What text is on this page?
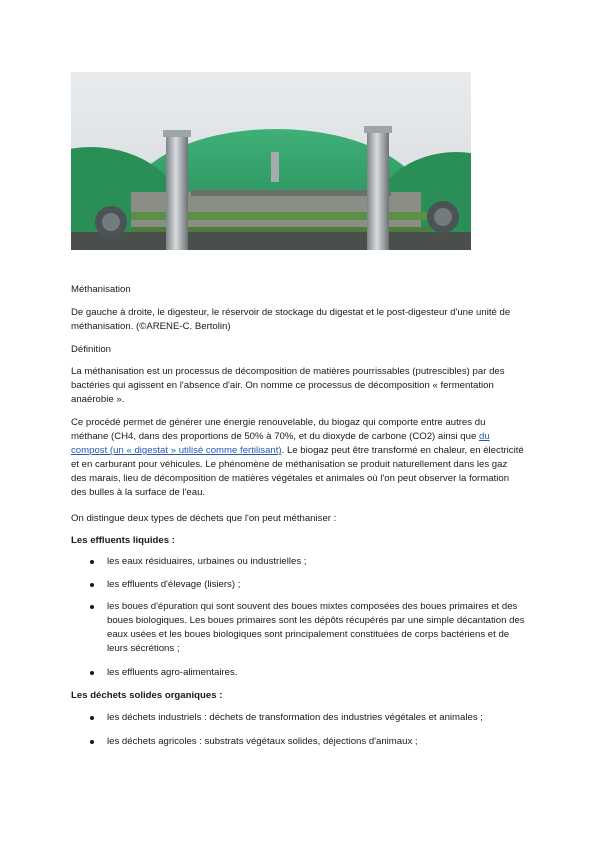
Méthanisation

De gauche à droite, le digesteur, le réservoir de stockage du digestat et le post-digesteur d'une unité de méthanisation. (©ARENE-C. Bertolin)

Définition

La méthanisation est un processus de décomposition de matières pourrissables (putrescibles) par des bactéries qui agissent en l'absence d'air. On nomme ce processus de décomposition « fermentation anaérobie ».

Ce procédé permet de générer une énergie renouvelable, du biogaz qui comporte entre autres du méthane (CH4, dans des proportions de 50% à 70%, et du dioxyde de carbone (CO2) ainsi que du compost (un « digestat » utilisé comme fertilisant). Le biogaz peut être transformé en chaleur, en électricité et en carburant pour véhicules. Le phénomène de méthanisation se produit naturellement dans les gaz des marais, lieu de décomposition de matières végétales et animales où l'on peut observer la formation des bulles à la surface de l'eau.

On distingue deux types de déchets que l'on peut méthaniser :

Les effluents liquides :

les eaux résiduaires, urbaines ou industrielles ;
les effluents d'élevage (lisiers) ;
les boues d'épuration qui sont souvent des boues mixtes composées des boues primaires et des boues biologiques. Les boues primaires sont les dépôts récupérés par une simple décantation des eaux usées et les boues biologiques sont principalement constituées de corps bactériens et de leurs sécrétions ;
les effluents agro-alimentaires.

Les déchets solides organiques :

les déchets industriels : déchets de transformation des industries végétales et animales ;
les déchets agricoles : substrats végétaux solides, déjections d'animaux ;
